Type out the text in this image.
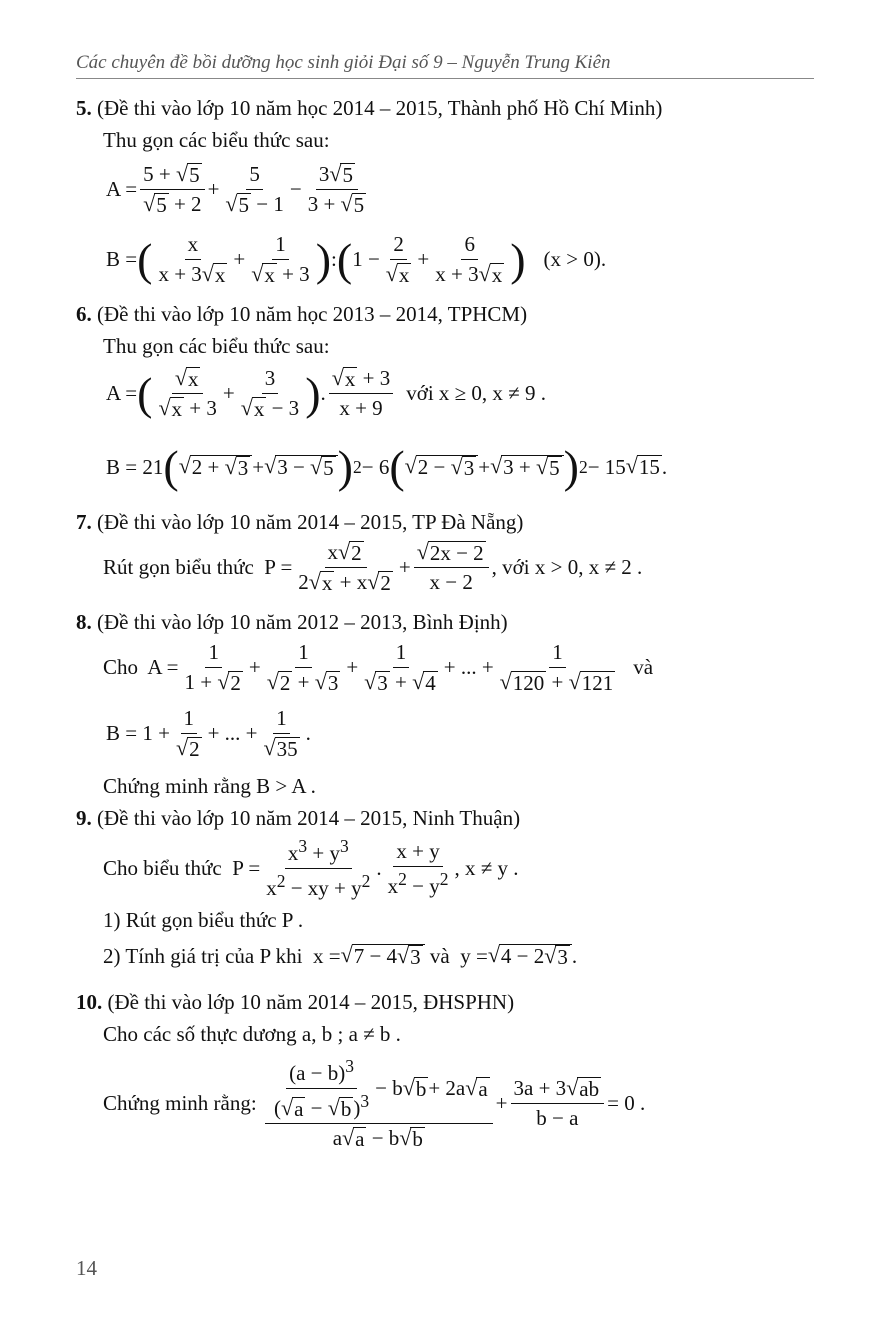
Các chuyên đề bồi dưỡng học sinh giỏi Đại số 9 – Nguyễn Trung Kiên
5. (Đề thi vào lớp 10 năm học 2014 – 2015, Thành phố Hồ Chí Minh)
Thu gọn các biểu thức sau:
$A = \frac{5 + √ 5}{√ 5 + 2} + \frac{5}{√ 5 - 1} - \frac{3 √ 5}{3 + √ 5}$
B = ( $\frac{x}{x + 3 √ x} + \frac{1}{√ x + 3}$ ) : ( $1 - \frac{2}{√ x} + \frac{6}{x + 3 √ x}$ ) (x > 0).
6. (Đề thi vào lớp 10 năm học 2013 – 2014, TPHCM)
Thu gọn các biểu thức sau:
A = ( $\frac{√ x}{√ x + 3} + \frac{3}{√ x - 3}$ ) . $\frac{√ x + 3}{x + 9}$ với x ≥ 0, x ≠ 9 .
B = 21 ( √ 2 + √ 3 + √ 3 − √ 5 ) 2 − 6 ( √ 2 − √ 3 + √ 3 + √ 5 ) 2 − 15 √ 15 .
7. (Đề thi vào lớp 10 năm 2014 – 2015, TP Đà Nẵng)
Rút gọn biểu thức $P = \frac{x √ 2}{2 √ x + x √ 2} + \frac{√ 2x - 2}{x - 2}$ , với x > 0, x ≠ 2 .
8. (Đề thi vào lớp 10 năm 2012 – 2013, Bình Định)
Cho $A = \frac{1}{1 + √ 2} + \frac{1}{√ 2 + √ 3} + \frac{1}{√ 3 + √ 4}$ + ... + $\frac{1}{√ 120 + √ 121}$ và
$B = 1 + \frac{1}{√ 2}$ + ... + $\frac{1}{√ 35}$ .
Chứng minh rằng B > A .
9. (Đề thi vào lớp 10 năm 2014 – 2015, Ninh Thuận)
Cho biểu thức $P = \frac{x^3 + y^3}{x^2 - xy + y^2}$ . $\frac{x + y}{x^2 - y^2}$ , x ≠ y .
1) Rút gọn biểu thức P .
2) Tính giá trị của P khi x = √ 7 − 4 √ 3
và y = √ 4 − 2 √ 3 .
10. (Đề thi vào lớp 10 năm 2014 – 2015, ĐHSPHN)
Cho các số thực dương a, b ; a ≠ b .
Chứng minh rằng:
$\frac{\frac{(a - b)^3}{( √ a - √ b )^3} - b √ b + 2a √ a}{a √ a - b √ b} + \frac{3a + 3 √ ab}{b - a} = 0$ .
14
